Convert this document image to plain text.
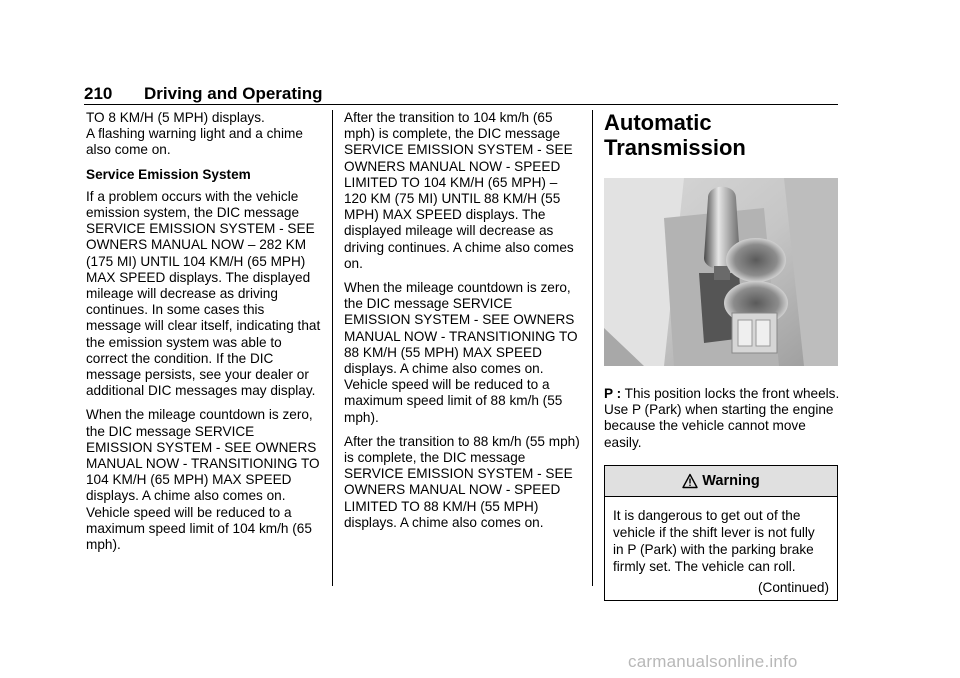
210 Driving and Operating

TO 8 KM/H (5 MPH) displays.
A flashing warning light and a chime also come on.

Service Emission System

If a problem occurs with the vehicle emission system, the DIC message SERVICE EMISSION SYSTEM - SEE OWNERS MANUAL NOW – 282 KM (175 MI) UNTIL 104 KM/H (65 MPH) MAX SPEED displays. The displayed mileage will decrease as driving continues. In some cases this message will clear itself, indicating that the emission system was able to correct the condition. If the DIC message persists, see your dealer or additional DIC messages may display.

When the mileage countdown is zero, the DIC message SERVICE EMISSION SYSTEM - SEE OWNERS MANUAL NOW - TRANSITIONING TO 104 KM/H (65 MPH) MAX SPEED displays. A chime also comes on. Vehicle speed will be reduced to a maximum speed limit of 104 km/h (65 mph).

After the transition to 104 km/h (65 mph) is complete, the DIC message SERVICE EMISSION SYSTEM - SEE OWNERS MANUAL NOW - SPEED LIMITED TO 104 KM/H (65 MPH) – 120 KM (75 MI) UNTIL 88 KM/H (55 MPH) MAX SPEED displays. The displayed mileage will decrease as driving continues. A chime also comes on.

When the mileage countdown is zero, the DIC message SERVICE EMISSION SYSTEM - SEE OWNERS MANUAL NOW - TRANSITIONING TO 88 KM/H (55 MPH) MAX SPEED displays. A chime also comes on. Vehicle speed will be reduced to a maximum speed limit of 88 km/h (55 mph).

After the transition to 88 km/h (55 mph) is complete, the DIC message SERVICE EMISSION SYSTEM - SEE OWNERS MANUAL NOW - SPEED LIMITED TO 88 KM/H (55 MPH) displays. A chime also comes on.

Automatic Transmission

P : This position locks the front wheels. Use P (Park) when starting the engine because the vehicle cannot move easily.

Warning
It is dangerous to get out of the vehicle if the shift lever is not fully in P (Park) with the parking brake firmly set. The vehicle can roll.
(Continued)
carmanualsonline.info
